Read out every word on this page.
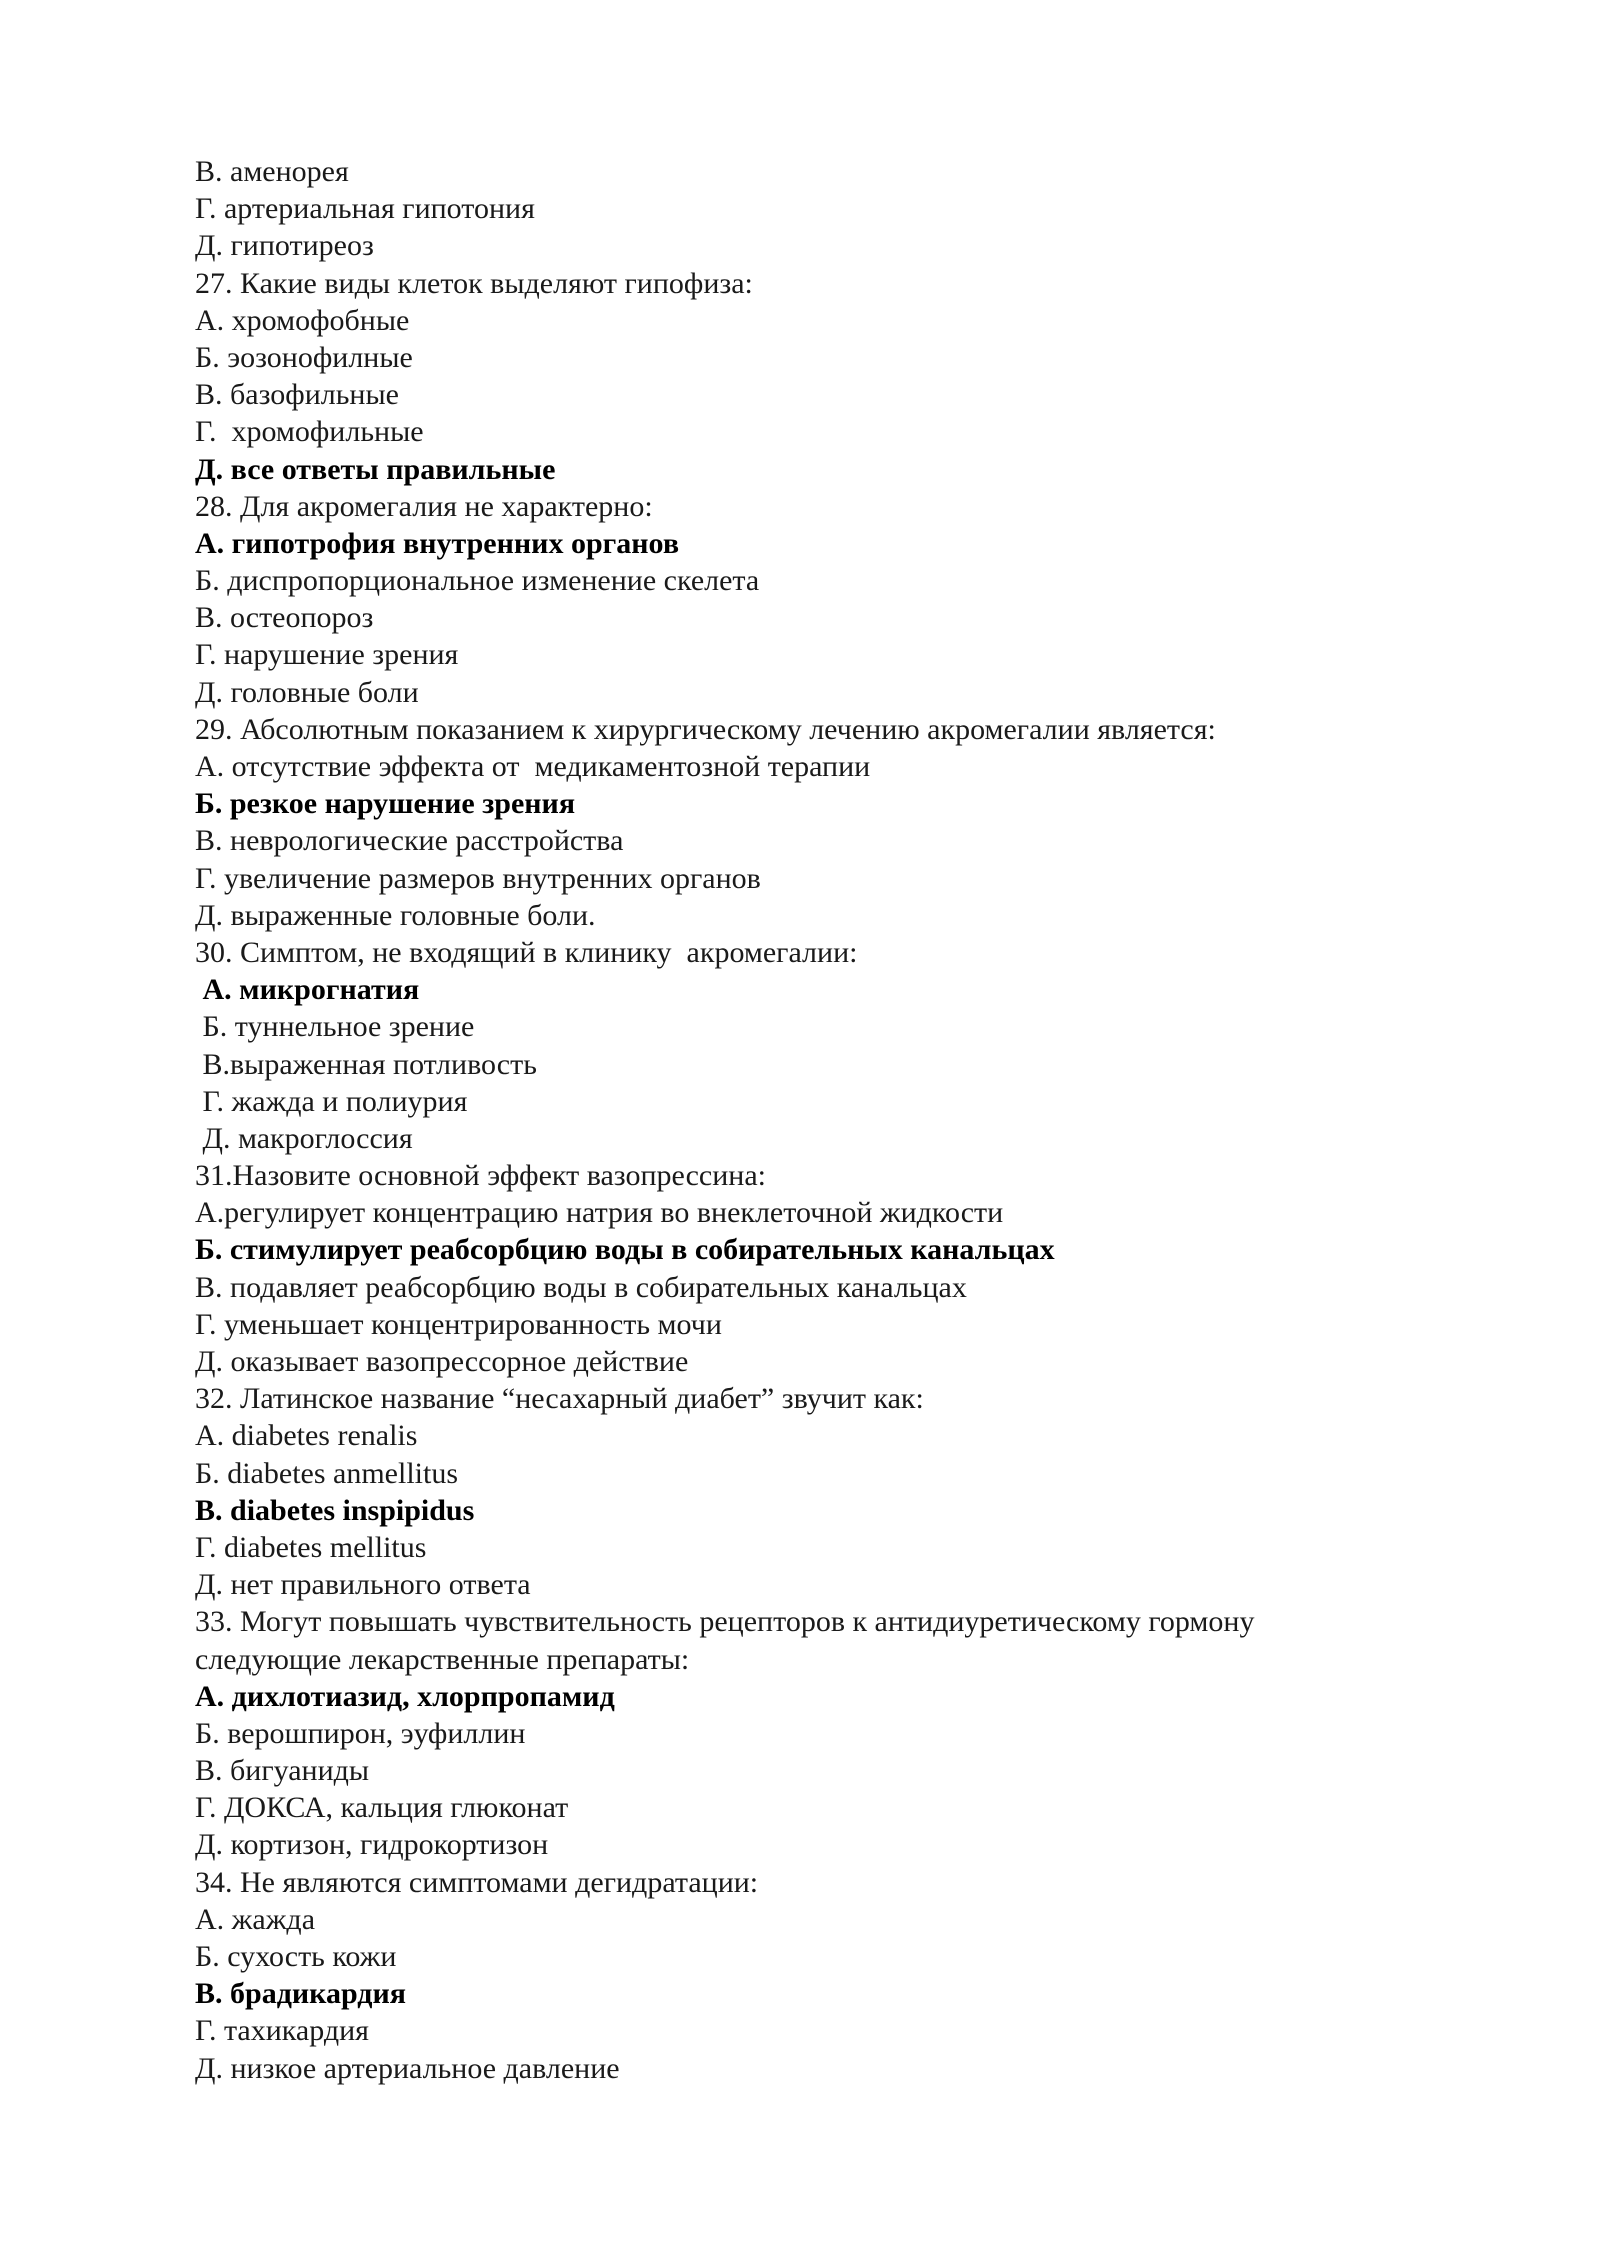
В. аменорея
Г. артериальная гипотония
Д. гипотиреоз
27. Какие виды клеток выделяют гипофиза:
А. хромофобные
Б. эозонофилные
В. базофильные
Г.  хромофильные
Д. все ответы правильные
28. Для акромегалия не характерно:
А. гипотрофия внутренних органов
Б. диспропорциональное изменение скелета
В. остеопороз
Г. нарушение зрения
Д. головные боли
29. Абсолютным показанием к хирургическому лечению акромегалии является:
А. отсутствие эффекта от  медикаментозной терапии
Б. резкое нарушение зрения
В. неврологические расстройства
Г. увеличение размеров внутренних органов
Д. выраженные головные боли.
30. Симптом, не входящий в клинику  акромегалии:
А. микрогнатия
Б. туннельное зрение
В.выраженная потливость
Г. жажда и полиурия
Д. макроглоссия
31.Назовите основной эффект вазопрессина:
А.регулирует концентрацию натрия во внеклеточной жидкости
Б. стимулирует реабсорбцию воды в собирательных канальцах
В. подавляет реабсорбцию воды в собирательных канальцах
Г. уменьшает концентрированность мочи
Д. оказывает вазопрессорное действие
32. Латинское название “несахарный диабет” звучит как:
А. diabetes renalis
Б. diabetes anmellitus
В. diabetes inspipidus
Г. diabetes mellitus
Д. нет правильного ответа
33. Могут повышать чувствительность рецепторов к антидиуретическому гормону
следующие лекарственные препараты:
А. дихлотиазид, хлорпропамид
Б. верошпирон, эуфиллин
В. бигуаниды
Г. ДОКСА, кальция глюконат
Д. кортизон, гидрокортизон
34. Не являются симптомами дегидратации:
А. жажда
Б. сухость кожи
В. брадикардия
Г. тахикардия
Д. низкое артериальное давление
